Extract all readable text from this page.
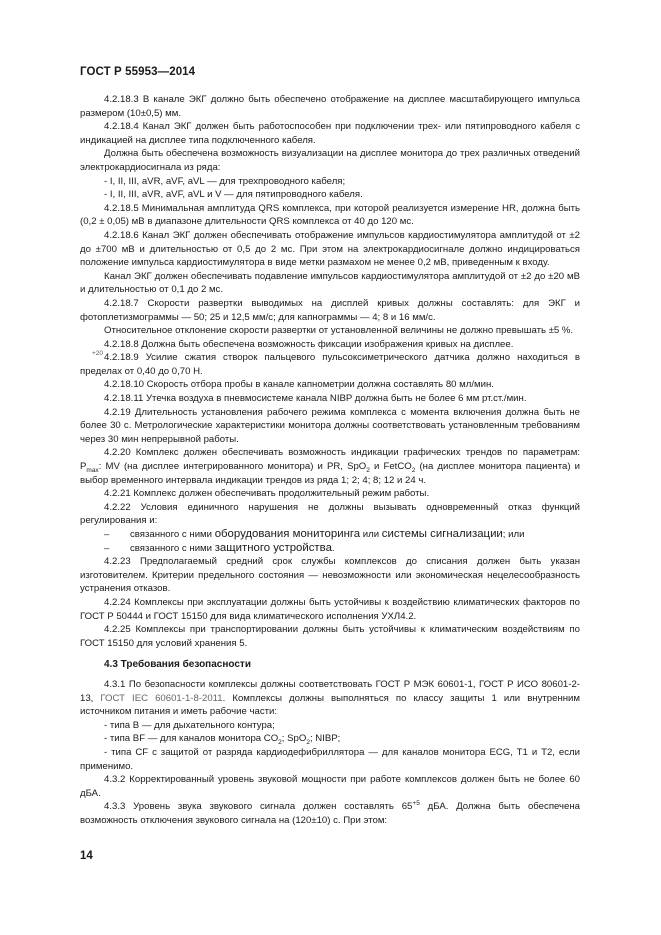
ГОСТ Р 55953—2014

4.2.18.3 В канале ЭКГ должно быть обеспечено отображение на дисплее масштабирующего импульса размером (10±0,5) мм.

4.2.18.4 Канал ЭКГ должен быть работоспособен при подключении трех- или пятипроводного кабеля с индикацией на дисплее типа подключенного кабеля.

Должна быть обеспечена возможность визуализации на дисплее монитора до трех различных отведений электрокардиосигнала из ряда:

- I, II, III, aVR, aVF, aVL — для трехпроводного кабеля;

- I, II, III, aVR, aVF, aVL и V — для пятипроводного кабеля.

4.2.18.5 Минимальная амплитуда QRS комплекса, при которой реализуется измерение HR, должна быть (0,2 ± 0,05) мВ в диапазоне длительности QRS комплекса от 40 до 120 мс.

4.2.18.6 Канал ЭКГ должен обеспечивать отображение импульсов кардиостимулятора амплитудой от ±2 до ±700 мВ и длительностью от 0,5 до 2 мс. При этом на электрокардиосигнале должно индицироваться положение импульса кардиостимулятора в виде метки размахом не менее 0,2 мВ, приведенным к входу.

Канал ЭКГ должен обеспечивать подавление импульсов кардиостимулятора амплитудой от ±2 до ±20 мВ и длительностью от 0,1 до 2 мс.

4.2.18.7 Скорости развертки выводимых на дисплей кривых должны составлять: для ЭКГ и фотоплетизмограммы — 50; 25 и 12,5 мм/с; для капнограммы — 4; 8 и 16 мм/с.

Относительное отклонение скорости развертки от установленной величины не должно превышать ±5 %.

4.2.18.8 Должна быть обеспечена возможность фиксации изображения кривых на дисплее.

4.2.18.9 Усилие сжатия створок пальцевого пульсоксиметрического датчика должно находиться в пределах от 0,40 до 0,70 Н.

4.2.18.10 Скорость отбора пробы в канале капнометрии должна составлять 80 мл/мин.

4.2.18.11 Утечка воздуха в пневмосистеме канала NIBP должна быть не более 6 мм рт.ст./мин.

4.2.19 Длительность установления рабочего режима комплекса с момента включения должна быть не более 30 с. Метрологические характеристики монитора должны соответствовать установленным требованиям через 30 мин непрерывной работы.

4.2.20 Комплекс должен обеспечивать возможность индикации графических трендов по параметрам: $P_{max}$: MV (на дисплее интегрированного монитора) и PR, SpO$_2$ и FetCO$_2$ (на дисплее монитора пациента) и выбор временного интервала индикации трендов из ряда 1; 2; 4; 8; 12 и 24 ч.

4.2.21 Комплекс должен обеспечивать продолжительный режим работы.

4.2.22 Условия единичного нарушения не должны вызывать одновременный отказ функций регулирования и:

–	связанного с ними оборудования мониторинга или системы сигнализации; или

–	связанного с ними защитного устройства.

4.2.23 Предполагаемый средний срок службы комплексов до списания должен быть указан изготовителем. Критерии предельного состояния — невозможности или экономическая нецелесообразность устранения отказов.

4.2.24 Комплексы при эксплуатации должны быть устойчивы к воздействию климатических факторов по ГОСТ Р 50444 и ГОСТ 15150 для вида климатического исполнения УХЛ4.2.

4.2.25 Комплексы при транспортировании должны быть устойчивы к климатическим воздействиям по ГОСТ 15150 для условий хранения 5.

4.3 Требования безопасности

4.3.1 По безопасности комплексы должны соответствовать ГОСТ Р МЭК 60601-1, ГОСТ Р ИСО 80601-2-13, ГОСТ IEC 60601-1-8-2011. Комплексы должны выполняться по классу защиты 1 или внутренним источником питания и иметь рабочие части:

- типа В — для дыхательного контура;

- типа BF — для каналов монитора $CO_2$; SpO$_2$; NIBP;

- типа CF с защитой от разряда кардиодефибриллятора — для каналов монитора ECG, T1 и T2, если применимо.

4.3.2 Корректированный уровень звуковой мощности при работе комплексов должен быть не более 60 дБА.

4.3.3 Уровень звука звукового сигнала должен составлять $65^{+5}$ дБА. Должна быть обеспечена возможность отключения звукового сигнала на (120±10) с. При этом:

+20
14
